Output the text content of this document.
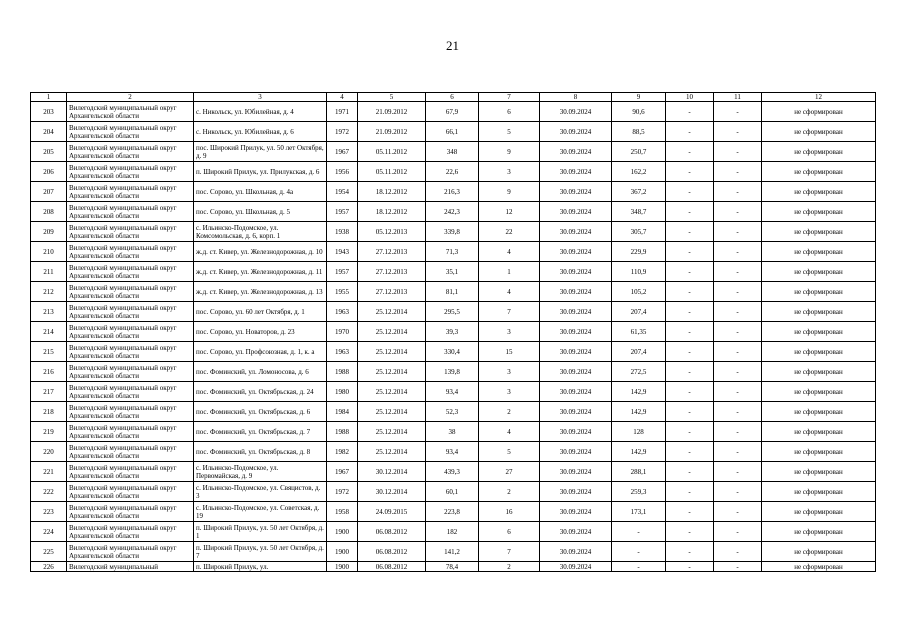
21
1	2	3	4	5	6	7	8	9	10	11	12
203	Вилегодский муниципальный округ Архангельской области	с. Никольск, ул. Юбилейная, д. 4	1971	21.09.2012	67,9	6	30.09.2024	90,6	-	-	не сформирован
204	Вилегодский муниципальный округ Архангельской области	с. Никольск, ул. Юбилейная, д. 6	1972	21.09.2012	66,1	5	30.09.2024	88,5	-	-	не сформирован
205	Вилегодский муниципальный округ Архангельской области	пос. Широкий Прилук, ул. 50 лет Октября, д. 9	1967	05.11.2012	348	9	30.09.2024	250,7	-	-	не сформирован
206	Вилегодский муниципальный округ Архангельской области	п. Широкий Прилук, ул. Прилукская, д. 6	1956	05.11.2012	22,6	3	30.09.2024	162,2	-	-	не сформирован
207	Вилегодский муниципальный округ Архангельской области	пос. Сорово, ул. Школьная, д. 4а	1954	18.12.2012	216,3	9	30.09.2024	367,2	-	-	не сформирован
208	Вилегодский муниципальный округ Архангельской области	пос. Сорово, ул. Школьная, д. 5	1957	18.12.2012	242,3	12	30.09.2024	348,7	-	-	не сформирован
209	Вилегодский муниципальный округ Архангельской области	с. Ильинско-Подомское, ул. Комсомольская, д. 6, корп. 1	1938	05.12.2013	339,8	22	30.09.2024	305,7	-	-	не сформирован
210	Вилегодский муниципальный округ Архангельской области	ж.д. ст. Кивер, ул. Железнодорожная, д. 10	1943	27.12.2013	71,3	4	30.09.2024	229,9	-	-	не сформирован
211	Вилегодский муниципальный округ Архангельской области	ж.д. ст. Кивер, ул. Железнодорожная, д. 11	1957	27.12.2013	35,1	1	30.09.2024	110,9	-	-	не сформирован
212	Вилегодский муниципальный округ Архангельской области	ж.д. ст. Кивер, ул. Железнодорожная, д. 13	1955	27.12.2013	81,1	4	30.09.2024	105,2	-	-	не сформирован
213	Вилегодский муниципальный округ Архангельской области	пос. Сорово, ул. 60 лет Октября, д. 1	1963	25.12.2014	295,5	7	30.09.2024	207,4	-	-	не сформирован
214	Вилегодский муниципальный округ Архангельской области	пос. Сорово, ул. Новаторов, д. 23	1970	25.12.2014	39,3	3	30.09.2024	61,35	-	-	не сформирован
215	Вилегодский муниципальный округ Архангельской области	пос. Сорово, ул. Профсоюзная, д. 1, к. а	1963	25.12.2014	330,4	15	30.09.2024	207,4	-	-	не сформирован
216	Вилегодский муниципальный округ Архангельской области	пос. Фоминский, ул. Ломоносова, д. 6	1988	25.12.2014	139,8	3	30.09.2024	272,5	-	-	не сформирован
217	Вилегодский муниципальный округ Архангельской области	пос. Фоминский, ул. Октябрьская, д. 24	1980	25.12.2014	93,4	3	30.09.2024	142,9	-	-	не сформирован
218	Вилегодский муниципальный округ Архангельской области	пос. Фоминский, ул. Октябрьская, д. 6	1984	25.12.2014	52,3	2	30.09.2024	142,9	-	-	не сформирован
219	Вилегодский муниципальный округ Архангельской области	пос. Фоминский, ул. Октябрьская, д. 7	1988	25.12.2014	38	4	30.09.2024	128	-	-	не сформирован
220	Вилегодский муниципальный округ Архангельской области	пос. Фоминский, ул. Октябрьская, д. 8	1982	25.12.2014	93,4	5	30.09.2024	142,9	-	-	не сформирован
221	Вилегодский муниципальный округ Архангельской области	с. Ильинско-Подомское, ул. Первомайская, д. 9	1967	30.12.2014	439,3	27	30.09.2024	288,1	-	-	не сформирован
222	Вилегодский муниципальный округ Архангельской области	с. Ильинско-Подомское, ул. Свяцистов, д. 3	1972	30.12.2014	60,1	2	30.09.2024	259,3	-	-	не сформирован
223	Вилегодский муниципальный округ Архангельской области	с. Ильинско-Подомское, ул. Советская, д. 19	1958	24.09.2015	223,8	16	30.09.2024	173,1	-	-	не сформирован
224	Вилегодский муниципальный округ Архангельской области	п. Широкий Прилук, ул. 50 лет Октября, д. 1	1900	06.08.2012	182	6	30.09.2024	-	-	-	не сформирован
225	Вилегодский муниципальный округ Архангельской области	п. Широкий Прилук, ул. 50 лет Октября, д. 7	1900	06.08.2012	141,2	7	30.09.2024	-	-	-	не сформирован
226	Вилегодский муниципальный	п. Широкий Прилук, ул.	1900	06.08.2012	78,4	2	30.09.2024	-	-	-	не сформирован
